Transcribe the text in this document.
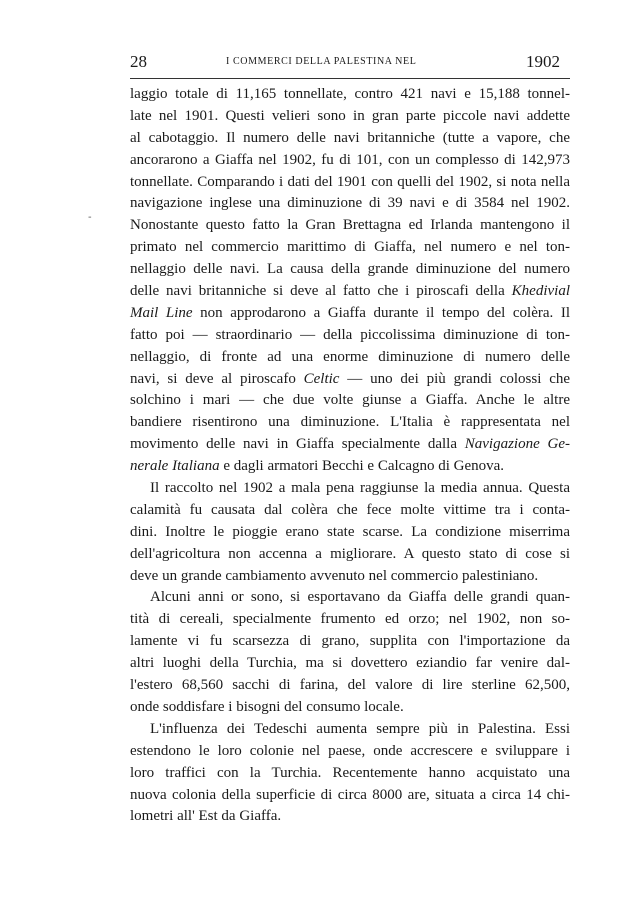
28	I COMMERCI DELLA PALESTINA NEL	1902
-
laggio totale di 11,165 tonnellate, contro 421 navi e 15,188 tonnel-
late nel 1901. Questi velieri sono in gran parte piccole navi addette
al cabotaggio. Il numero delle navi britanniche (tutte a vapore, che
ancorarono a Giaffa nel 1902, fu di 101, con un complesso di 142,973
tonnellate. Comparando i dati del 1901 con quelli del 1902, si nota nella
navigazione inglese una diminuzione di 39 navi e di 3584 nel 1902.
Nonostante questo fatto la Gran Brettagna ed Irlanda mantengono il
primato nel commercio marittimo di Giaffa, nel numero e nel ton-
nellaggio delle navi. La causa della grande diminuzione del numero
delle navi britanniche si deve al fatto che i piroscafi della Khedivial
Mail Line non approdarono a Giaffa durante il tempo del colèra. Il
fatto poi — straordinario — della piccolissima diminuzione di ton-
nellaggio, di fronte ad una enorme diminuzione di numero delle
navi, si deve al piroscafo Celtic — uno dei più grandi colossi che
solchino i mari — che due volte giunse a Giaffa. Anche le altre
bandiere risentirono una diminuzione. L'Italia è rappresentata nel
movimento delle navi in Giaffa specialmente dalla Navigazione Ge-
nerale Italiana e dagli armatori Becchi e Calcagno di Genova.
Il raccolto nel 1902 a mala pena raggiunse la media annua. Questa
calamità fu causata dal colèra che fece molte vittime tra i conta-
dini. Inoltre le pioggie erano state scarse. La condizione miserrima
dell'agricoltura non accenna a migliorare. A questo stato di cose si
deve un grande cambiamento avvenuto nel commercio palestiniano.
Alcuni anni or sono, si esportavano da Giaffa delle grandi quan-
tità di cereali, specialmente frumento ed orzo; nel 1902, non so-
lamente vi fu scarsezza di grano, supplita con l'importazione da
altri luoghi della Turchia, ma si dovettero eziandio far venire dal-
l'estero 68,560 sacchi di farina, del valore di lire sterline 62,500,
onde soddisfare i bisogni del consumo locale.
L'influenza dei Tedeschi aumenta sempre più in Palestina. Essi
estendono le loro colonie nel paese, onde accrescere e sviluppare i
loro traffici con la Turchia. Recentemente hanno acquistato una
nuova colonia della superficie di circa 8000 are, situata a circa 14 chi-
lometri all' Est da Giaffa.
